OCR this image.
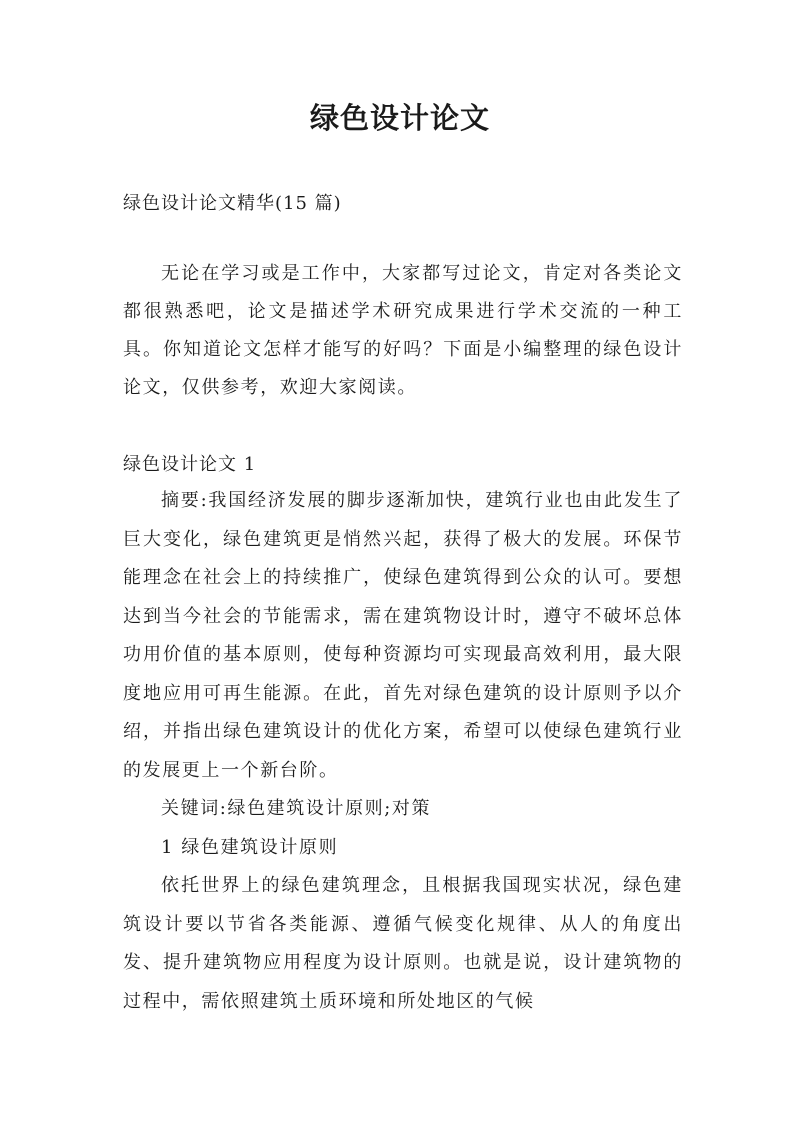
绿色设计论文
绿色设计论文精华(15 篇)

无论在学习或是工作中，大家都写过论文，肯定对各类论文都很熟悉吧，论文是描述学术研究成果进行学术交流的一种工具。你知道论文怎样才能写的好吗？下面是小编整理的绿色设计论文，仅供参考，欢迎大家阅读。

绿色设计论文 1

摘要:我国经济发展的脚步逐渐加快，建筑行业也由此发生了巨大变化，绿色建筑更是悄然兴起，获得了极大的发展。环保节能理念在社会上的持续推广，使绿色建筑得到公众的认可。要想达到当今社会的节能需求，需在建筑物设计时，遵守不破坏总体功用价值的基本原则，使每种资源均可实现最高效利用，最大限度地应用可再生能源。在此，首先对绿色建筑的设计原则予以介绍，并指出绿色建筑设计的优化方案，希望可以使绿色建筑行业的发展更上一个新台阶。

关键词:绿色建筑设计原则;对策

1 绿色建筑设计原则

依托世界上的绿色建筑理念，且根据我国现实状况，绿色建筑设计要以节省各类能源、遵循气候变化规律、从人的角度出发、提升建筑物应用程度为设计原则。也就是说，设计建筑物的过程中，需依照建筑土质环境和所处地区的气候
